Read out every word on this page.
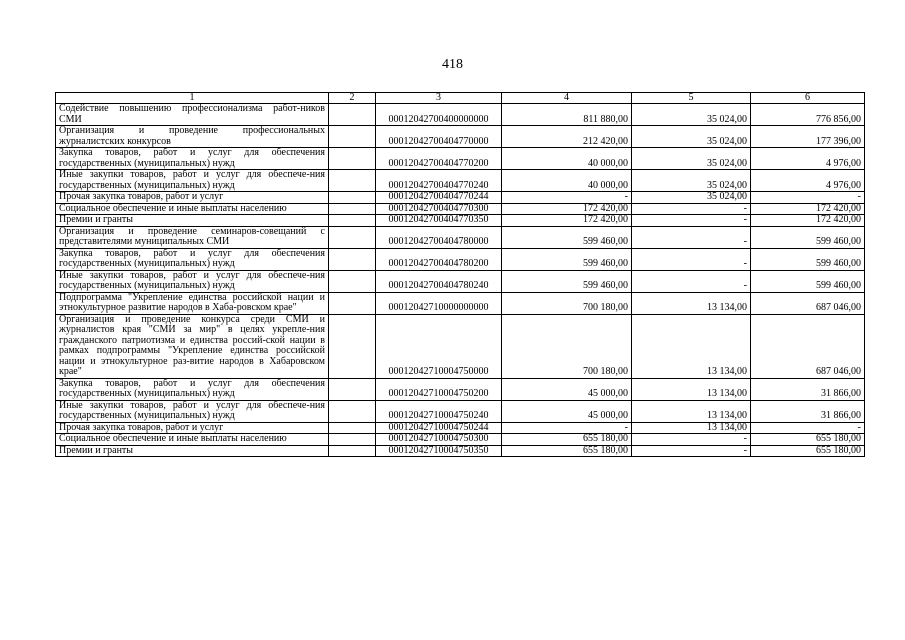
418
1	2	3	4	5	6
Содействие повышению профессионализма работ-ников СМИ		00012042700400000000	811 880,00	35 024,00	776 856,00
Организация и проведение профессиональных журналистских конкурсов		00012042700404770000	212 420,00	35 024,00	177 396,00
Закупка товаров, работ и услуг для обеспечения государственных (муниципальных) нужд		00012042700404770200	40 000,00	35 024,00	4 976,00
Иные закупки товаров, работ и услуг для обеспече-ния государственных (муниципальных) нужд		00012042700404770240	40 000,00	35 024,00	4 976,00
Прочая закупка товаров, работ и услуг		00012042700404770244	-	35 024,00	-
Социальное обеспечение и иные выплаты населению		00012042700404770300	172 420,00	-	172 420,00
Премии и гранты		00012042700404770350	172 420,00	-	172 420,00
Организация и проведение семинаров-совещаний с представителями муниципальных СМИ		00012042700404780000	599 460,00	-	599 460,00
Закупка товаров, работ и услуг для обеспечения государственных (муниципальных) нужд		00012042700404780200	599 460,00	-	599 460,00
Иные закупки товаров, работ и услуг для обеспече-ния государственных (муниципальных) нужд		00012042700404780240	599 460,00	-	599 460,00
Подпрограмма "Укрепление единства российской нации и этнокультурное развитие народов в Хаба-ровском крае"		00012042710000000000	700 180,00	13 134,00	687 046,00
Организация и проведение конкурса среди СМИ и журналистов края "СМИ за мир" в целях укрепле-ния гражданского патриотизма и единства россий-ской нации в рамках подпрограммы "Укрепление единства российской нации и этнокультурное раз-витие народов в Хабаровском крае"		00012042710004750000	700 180,00	13 134,00	687 046,00
Закупка товаров, работ и услуг для обеспечения государственных (муниципальных) нужд		00012042710004750200	45 000,00	13 134,00	31 866,00
Иные закупки товаров, работ и услуг для обеспече-ния государственных (муниципальных) нужд		00012042710004750240	45 000,00	13 134,00	31 866,00
Прочая закупка товаров, работ и услуг		00012042710004750244	-	13 134,00	-
Социальное обеспечение и иные выплаты населению		00012042710004750300	655 180,00	-	655 180,00
Премии и гранты		00012042710004750350	655 180,00	-	655 180,00
